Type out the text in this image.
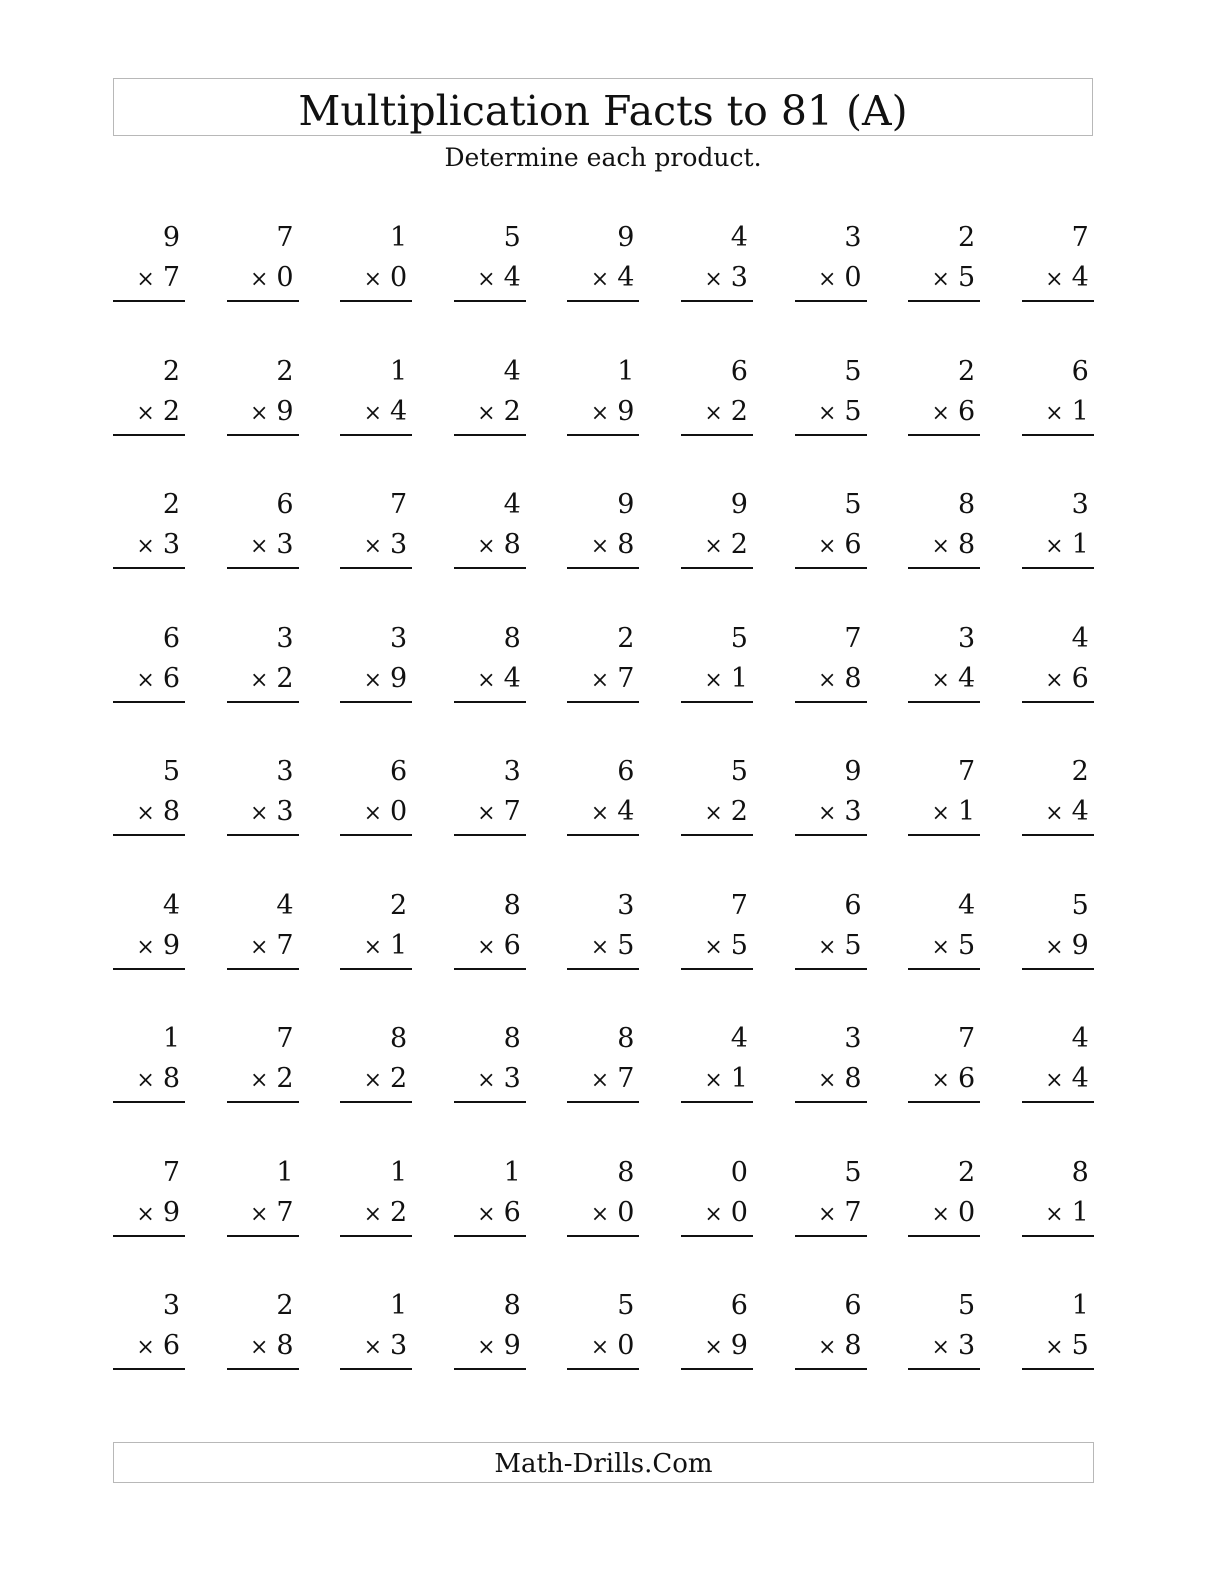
Multiplication Facts to 81 (A)
Determine each product.
9
× 7
7
× 0
1
× 0
5
× 4
9
× 4
4
× 3
3
× 0
2
× 5
7
× 4
2
× 2
2
× 9
1
× 4
4
× 2
1
× 9
6
× 2
5
× 5
2
× 6
6
× 1
2
× 3
6
× 3
7
× 3
4
× 8
9
× 8
9
× 2
5
× 6
8
× 8
3
× 1
6
× 6
3
× 2
3
× 9
8
× 4
2
× 7
5
× 1
7
× 8
3
× 4
4
× 6
5
× 8
3
× 3
6
× 0
3
× 7
6
× 4
5
× 2
9
× 3
7
× 1
2
× 4
4
× 9
4
× 7
2
× 1
8
× 6
3
× 5
7
× 5
6
× 5
4
× 5
5
× 9
1
× 8
7
× 2
8
× 2
8
× 3
8
× 7
4
× 1
3
× 8
7
× 6
4
× 4
7
× 9
1
× 7
1
× 2
1
× 6
8
× 0
0
× 0
5
× 7
2
× 0
8
× 1
3
× 6
2
× 8
1
× 3
8
× 9
5
× 0
6
× 9
6
× 8
5
× 3
1
× 5
Math-Drills.Com
